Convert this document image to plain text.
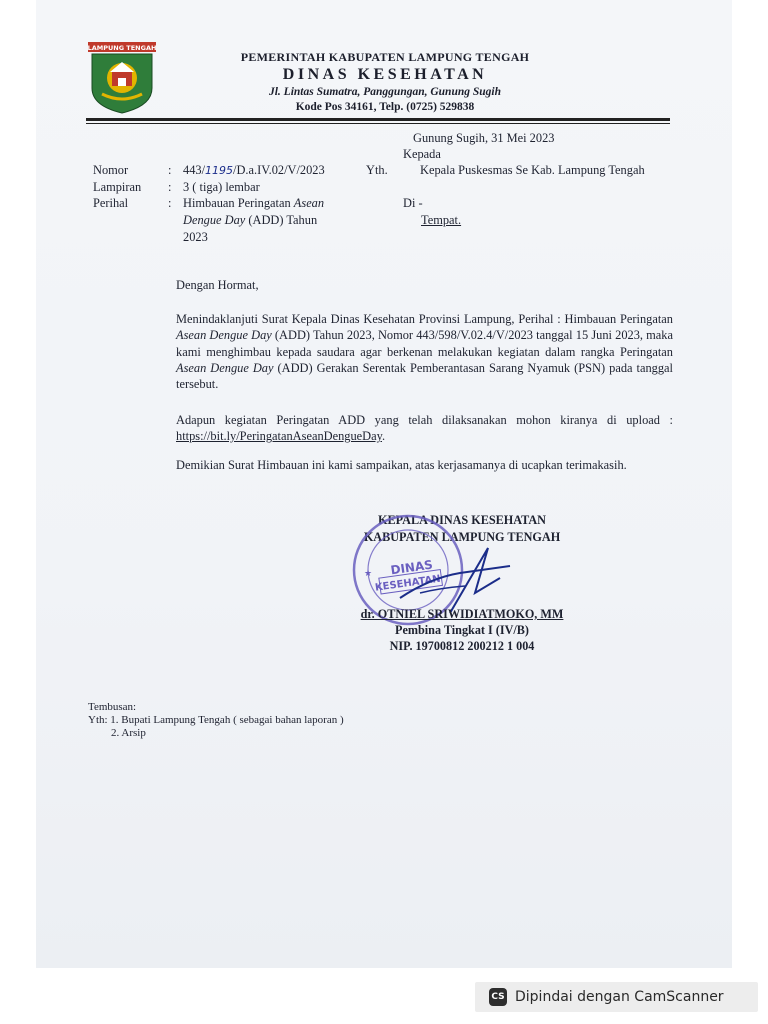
LAMPUNG TENGAH
PEMERINTAH KABUPATEN LAMPUNG TENGAH
DINAS KESEHATAN
Jl. Lintas Sumatra, Panggungan, Gunung Sugih
Kode Pos 34161, Telp. (0725) 529838
Gunung Sugih, 31 Mei 2023
Kepada
Nomor	: 443/1195/D.a.IV.02/V/2023
Lampiran : 3 ( tiga) lembar
Perihal	: Himbauan Peringatan Asean
Dengue Day (ADD) Tahun
2023
Yth.	Kepala Puskesmas Se Kab. Lampung Tengah
Di -
Tempat.
Dengan Hormat,

Menindaklanjuti Surat Kepala Dinas Kesehatan Provinsi Lampung, Perihal : Himbauan Peringatan Asean Dengue Day (ADD) Tahun 2023, Nomor 443/598/V.02.4/V/2023 tanggal 15 Juni 2023, maka kami menghimbau kepada saudara agar berkenan melakukan kegiatan dalam rangka Peringatan Asean Dengue Day (ADD) Gerakan Serentak Pemberantasan Sarang Nyamuk (PSN) pada tanggal tersebut.

Adapun kegiatan Peringatan ADD yang telah dilaksanakan mohon kiranya di upload : https://bit.ly/PeringatanAseanDengueDay.

Demikian Surat Himbauan ini kami sampaikan, atas kerjasamanya di ucapkan terimakasih.

KEPALA DINAS KESEHATAN
KABUPATEN LAMPUNG TENGAH
DINAS
KESEHATAN
★
dr. OTNIEL SRIWIDIATMOKO, MM
Pembina Tingkat I (IV/B)
NIP. 19700812 200212 1 004
Tembusan:
Yth: 1. Bupati Lampung Tengah ( sebagai bahan laporan )
2. Arsip
CS Dipindai dengan CamScanner
